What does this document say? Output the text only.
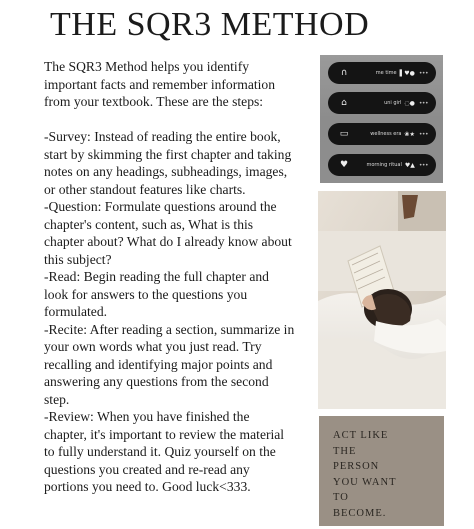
THE SQR3 METHOD

The SQR3 Method helps you identify

important facts and remember information

from your textbook. These are the steps:

-Survey: Instead of reading the entire book,

start by skimming the first chapter and taking

notes on any headings, subheadings, images,

or other standout features like charts.

-Question: Formulate questions around the

chapter's content, such as, What is this

chapter about? What do I already know about

this subject?

-Read: Begin reading the full chapter and

look for answers to the questions you

formulated.

-Recite: After reading a section, summarize in

your own words what you just read. Try

recalling and identifying major points and

answering any questions from the second

step.

-Review: When you have finished the

chapter, it's important to review the material

to fully understand it. Quiz yourself on the

questions you created and re-read any

portions you need to. Good luck<333.

∩	me time ▌♥● •••
⌂	uni girl ◌● •••
▭	wellness era ❀★ •••
♥	morning ritual ♥▲ •••
ACT LIKE
THE
PERSON
YOU WANT
TO
BECOME.
